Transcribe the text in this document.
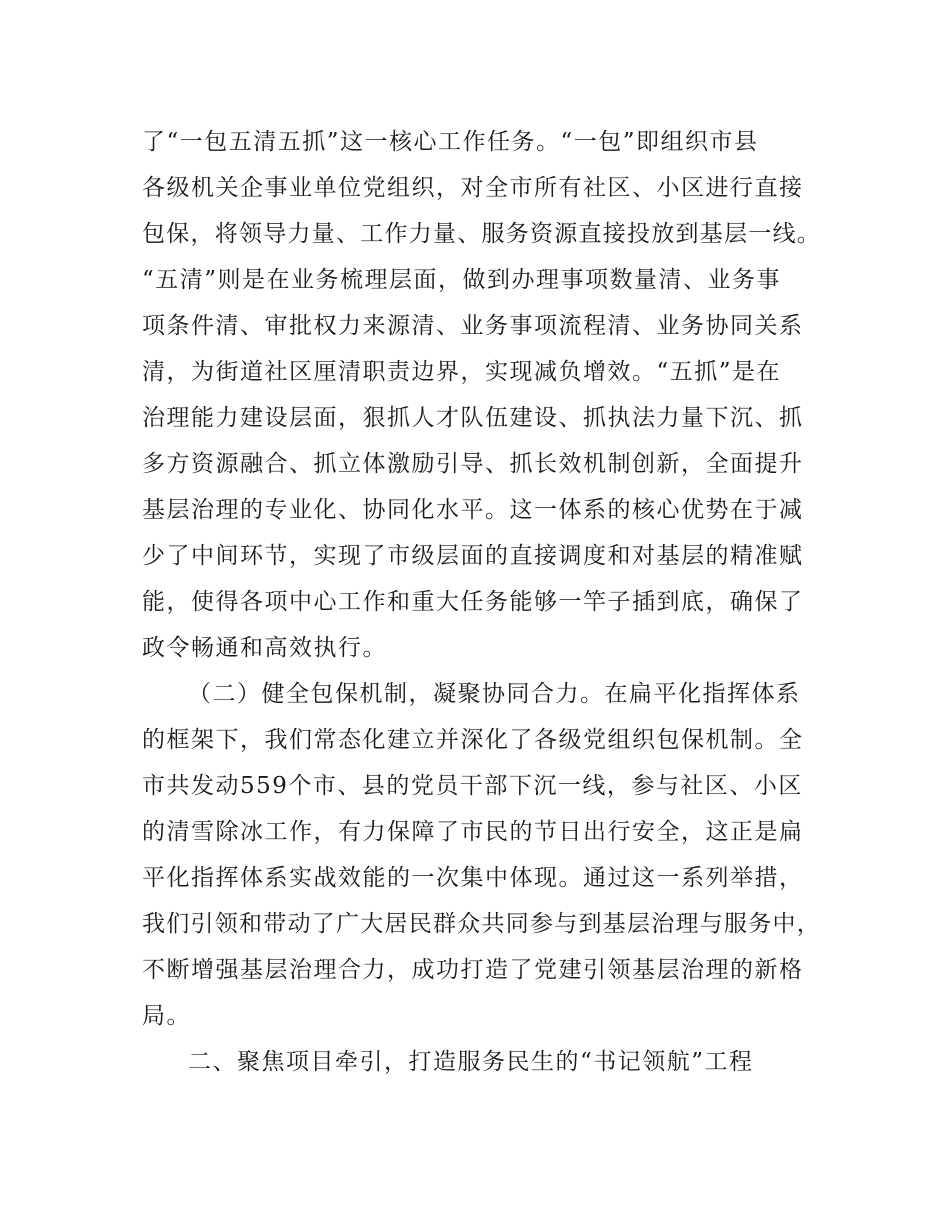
了“一包五清五抓”这一核心工作任务。“一包”即组织市县
各级机关企事业单位党组织，对全市所有社区、小区进行直接
包保，将领导力量、工作力量、服务资源直接投放到基层一线。
“五清”则是在业务梳理层面，做到办理事项数量清、业务事
项条件清、审批权力来源清、业务事项流程清、业务协同关系
清，为街道社区厘清职责边界，实现减负增效。“五抓”是在
治理能力建设层面，狠抓人才队伍建设、抓执法力量下沉、抓
多方资源融合、抓立体激励引导、抓长效机制创新，全面提升
基层治理的专业化、协同化水平。这一体系的核心优势在于减
少了中间环节，实现了市级层面的直接调度和对基层的精准赋
能，使得各项中心工作和重大任务能够一竿子插到底，确保了
政令畅通和高效执行。
（二）健全包保机制，凝聚协同合力。在扁平化指挥体系
的框架下，我们常态化建立并深化了各级党组织包保机制。全
市共发动559个市、县的党员干部下沉一线，参与社区、小区
的清雪除冰工作，有力保障了市民的节日出行安全，这正是扁
平化指挥体系实战效能的一次集中体现。通过这一系列举措，
我们引领和带动了广大居民群众共同参与到基层治理与服务中，
不断增强基层治理合力，成功打造了党建引领基层治理的新格
局。
二、聚焦项目牵引，打造服务民生的“书记领航”工程
